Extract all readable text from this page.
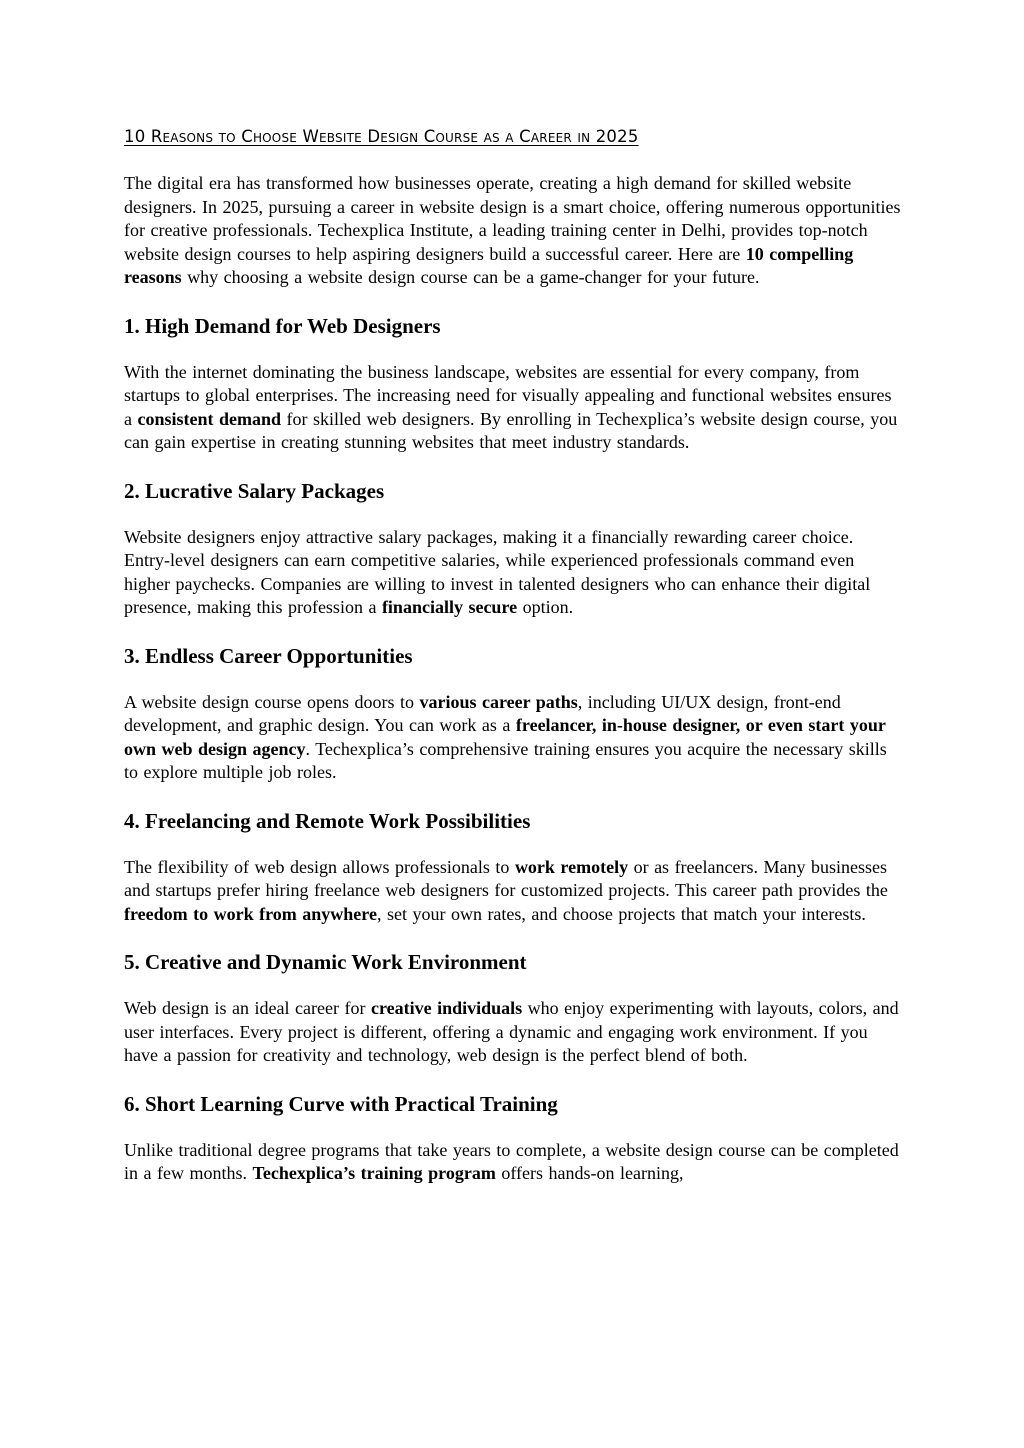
10 Reasons to Choose Website Design Course as a Career in 2025

The digital era has transformed how businesses operate, creating a high demand for skilled website designers. In 2025, pursuing a career in website design is a smart choice, offering numerous opportunities for creative professionals. Techexplica Institute, a leading training center in Delhi, provides top-notch website design courses to help aspiring designers build a successful career. Here are 10 compelling reasons why choosing a website design course can be a game-changer for your future.

1. High Demand for Web Designers

With the internet dominating the business landscape, websites are essential for every company, from startups to global enterprises. The increasing need for visually appealing and functional websites ensures a consistent demand for skilled web designers. By enrolling in Techexplica’s website design course, you can gain expertise in creating stunning websites that meet industry standards.

2. Lucrative Salary Packages

Website designers enjoy attractive salary packages, making it a financially rewarding career choice. Entry-level designers can earn competitive salaries, while experienced professionals command even higher paychecks. Companies are willing to invest in talented designers who can enhance their digital presence, making this profession a financially secure option.

3. Endless Career Opportunities

A website design course opens doors to various career paths, including UI/UX design, front-end development, and graphic design. You can work as a freelancer, in-house designer, or even start your own web design agency. Techexplica’s comprehensive training ensures you acquire the necessary skills to explore multiple job roles.

4. Freelancing and Remote Work Possibilities

The flexibility of web design allows professionals to work remotely or as freelancers. Many businesses and startups prefer hiring freelance web designers for customized projects. This career path provides the freedom to work from anywhere, set your own rates, and choose projects that match your interests.

5. Creative and Dynamic Work Environment

Web design is an ideal career for creative individuals who enjoy experimenting with layouts, colors, and user interfaces. Every project is different, offering a dynamic and engaging work environment. If you have a passion for creativity and technology, web design is the perfect blend of both.

6. Short Learning Curve with Practical Training

Unlike traditional degree programs that take years to complete, a website design course can be completed in a few months. Techexplica’s training program offers hands-on learning,
